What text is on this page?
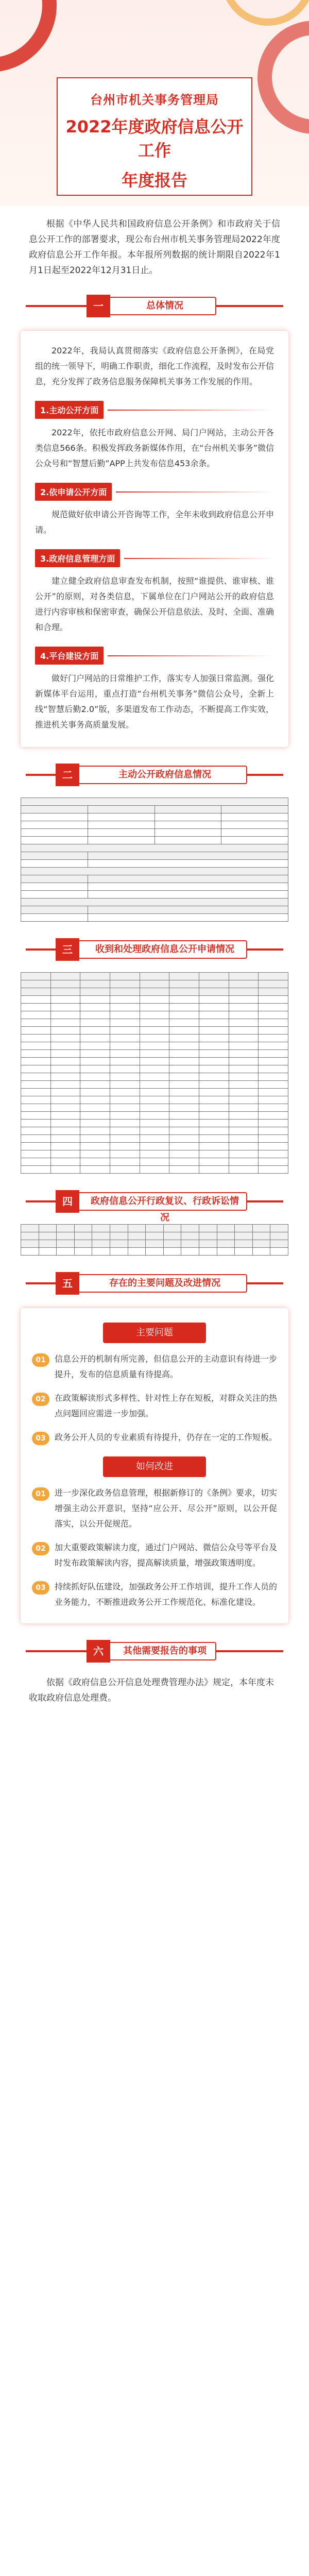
台州市机关事务管理局
2022年度政府信息公开工作
年度报告
根据《中华人民共和国政府信息公开条例》和市政府关于信息公开工作的部署要求，现公布台州市机关事务管理局2022年度政府信息公开工作年报。本年报所列数据的统计期限自2022年1月1日起至2022年12月31日止。
一	总体情况
2022年，我局认真贯彻落实《政府信息公开条例》，在局党组的统一领导下，明确工作职责，细化工作流程，及时发布公开信息，充分发挥了政务信息服务保障机关事务工作发展的作用。
1.主动公开方面
2022年，依托市政府信息公开网、局门户网站，主动公开各类信息566条。积极发挥政务新媒体作用，在“台州机关事务”微信公众号和“智慧后勤”APP上共发布信息453余条。
2.依申请公开方面
规范做好依申请公开咨询等工作，全年未收到政府信息公开申请。
3.政府信息管理方面
建立健全政府信息审查发布机制，按照“谁提供、谁审核、谁公开”的原则，对各类信息，下属单位在门户网站公开的政府信息进行内容审核和保密审查，确保公开信息依法、及时、全面、准确和合理。
4.平台建设方面
做好门户网站的日常维护工作，落实专人加强日常监测。强化新媒体平台运用，重点打造“台州机关事务”微信公众号，全新上线“智慧后勤2.0”版，多渠道发布工作动态，不断提高工作实效，推进机关事务高质量发展。
二	主动公开政府信息情况

三	收到和处理政府信息公开申请情况

四	政府信息公开行政复议、行政诉讼情况

五	存在的主要问题及改进情况
主要问题
01	信息公开的机制有所完善，但信息公开的主动意识有待进一步提升，发布的信息质量有待提高。
02	在政策解读形式多样性、针对性上存在短板，对群众关注的热点问题回应需进一步加强。
03	政务公开人员的专业素质有待提升，仍存在一定的工作短板。
如何改进
01	进一步深化政务信息管理，根据新修订的《条例》要求，切实增强主动公开意识，坚持“应公开、尽公开”原则，以公开促落实，以公开促规范。
02	加大重要政策解读力度，通过门户网站、微信公众号等平台及时发布政策解读内容，提高解读质量，增强政策透明度。
03	持续抓好队伍建设，加强政务公开工作培训，提升工作人员的业务能力，不断推进政务公开工作规范化、标准化建设。
六	其他需要报告的事项
依据《政府信息公开信息处理费管理办法》规定，本年度未收取政府信息处理费。
